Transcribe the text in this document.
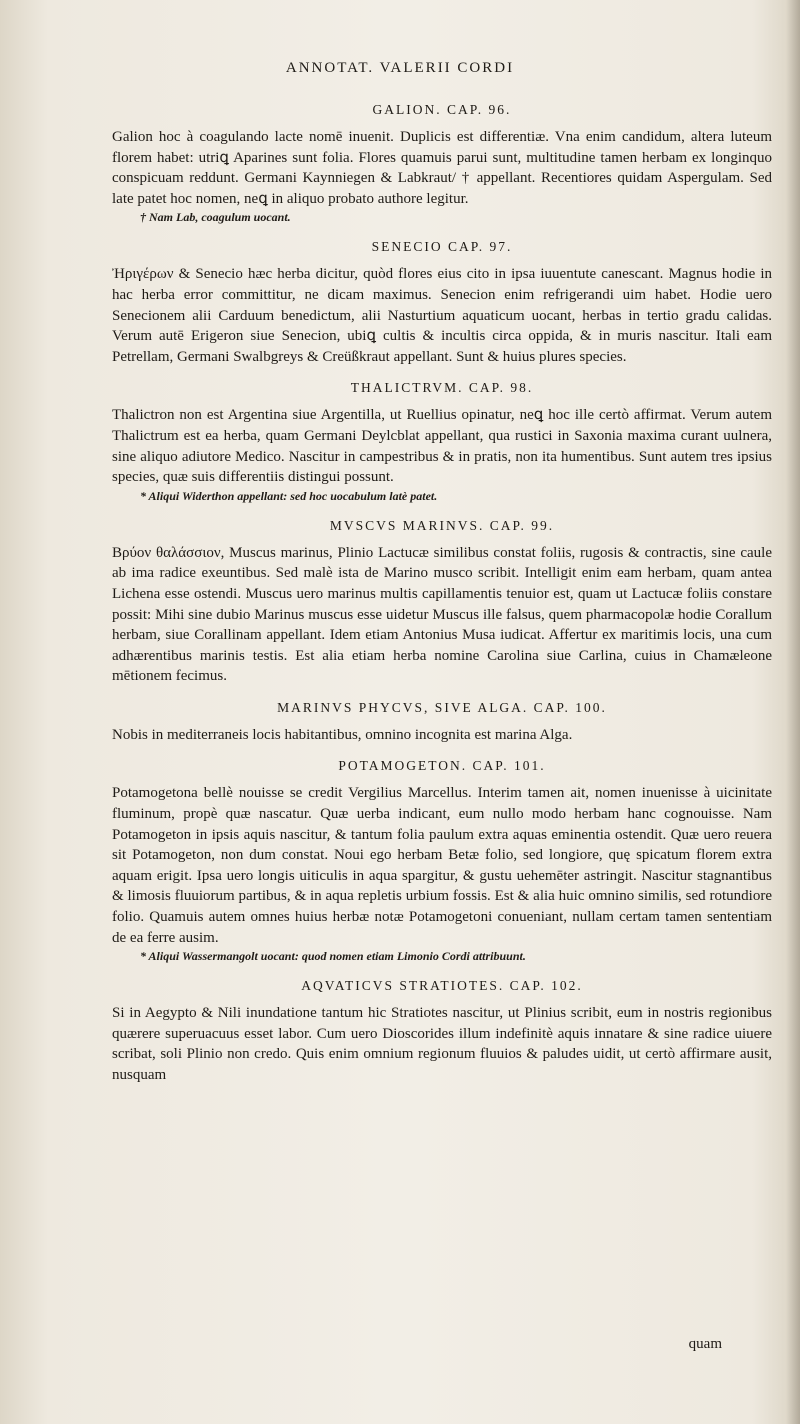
ANNOTAT. VALERII CORDI
GALION. CAP. 96.

Galion hoc à coagulando lacte nomē inuenit. Duplicis est differentiæ. Vna enim candidum, altera luteum florem habet: utriꝗ Aparines sunt folia. Flores quamuis parui sunt, multitudine tamen herbam ex longinquo conspicuam reddunt. Germani Kaynniegen & Labkraut/ † appellant. Recentiores quidam Aspergulam. Sed late patet hoc nomen, neꝗ in aliquo probato authore legitur.

† Nam Lab, coagulum uocant.

SENECIO CAP. 97.

Ἠριγέρων & Senecio hæc herba dicitur, quòd flores eius cito in ipsa iuuentute canescant. Magnus hodie in hac herba error committitur, ne dicam maximus. Senecion enim refrigerandi uim habet. Hodie uero Senecionem alii Carduum benedictum, alii Nasturtium aquaticum uocant, herbas in tertio gradu calidas. Verum autē Erigeron siue Senecion, ubiꝗ cultis & incultis circa oppida, & in muris nascitur. Itali eam Petrellam, Germani Swalbgreys & Creüßkraut appellant. Sunt & huius plures species.

THALICTRVM. CAP. 98.

Thalictron non est Argentina siue Argentilla, ut Ruellius opinatur, neꝗ hoc ille certò affirmat. Verum autem Thalictrum est ea herba, quam Germani Deylcblat appellant, qua rustici in Saxonia maxima curant uulnera, sine aliquo adiutore Medico. Nascitur in campestribus & in pratis, non ita humentibus. Sunt autem tres ipsius species, quæ suis differentiis distingui possunt.

* Aliqui Widerthon appellant: sed hoc uocabulum latè patet.

MVSCVS MARINVS. CAP. 99.

Βρύον θαλάσσιον, Muscus marinus, Plinio Lactucæ similibus constat foliis, rugosis & contractis, sine caule ab ima radice exeuntibus. Sed malè ista de Marino musco scribit. Intelligit enim eam herbam, quam antea Lichena esse ostendi. Muscus uero marinus multis capillamentis tenuior est, quam ut Lactucæ foliis constare possit: Mihi sine dubio Marinus muscus esse uidetur Muscus ille falsus, quem pharmacopolæ hodie Corallum herbam, siue Corallinam appellant. Idem etiam Antonius Musa iudicat. Affertur ex maritimis locis, una cum adhærentibus marinis testis. Est alia etiam herba nomine Carolina siue Carlina, cuius in Chamæleone mētionem fecimus.

MARINVS PHYCVS, SIVE ALGA. CAP. 100.

Nobis in mediterraneis locis habitantibus, omnino incognita est marina Alga.

POTAMOGETON. CAP. 101.

Potamogetona bellè nouisse se credit Vergilius Marcellus. Interim tamen ait, nomen inuenisse à uicinitate fluminum, propè quæ nascatur. Quæ uerba indicant, eum nullo modo herbam hanc cognouisse. Nam Potamogeton in ipsis aquis nascitur, & tantum folia paulum extra aquas eminentia ostendit. Quæ uero reuera sit Potamogeton, non dum constat. Noui ego herbam Betæ folio, sed longiore, quę spicatum florem extra aquam erigit. Ipsa uero longis uiticulis in aqua spargitur, & gustu uehemēter astringit. Nascitur stagnantibus & limosis fluuiorum partibus, & in aqua repletis urbium fossis. Est & alia huic omnino similis, sed rotundiore folio. Quamuis autem omnes huius herbæ notæ Potamogetoni conueniant, nullam certam tamen sententiam de ea ferre ausim.

* Aliqui Wassermangolt uocant: quod nomen etiam Limonio Cordi attribuunt.

AQVATICVS STRATIOTES. CAP. 102.

Si in Aegypto & Nili inundatione tantum hic Stratiotes nascitur, ut Plinius scribit, eum in nostris regionibus quærere superuacuus esset labor. Cum uero Dioscorides illum indefinitè aquis innatare & sine radice uiuere scribat, soli Plinio non credo. Quis enim omnium regionum fluuios & paludes uidit, ut certò affirmare ausit, nusquam

quam
